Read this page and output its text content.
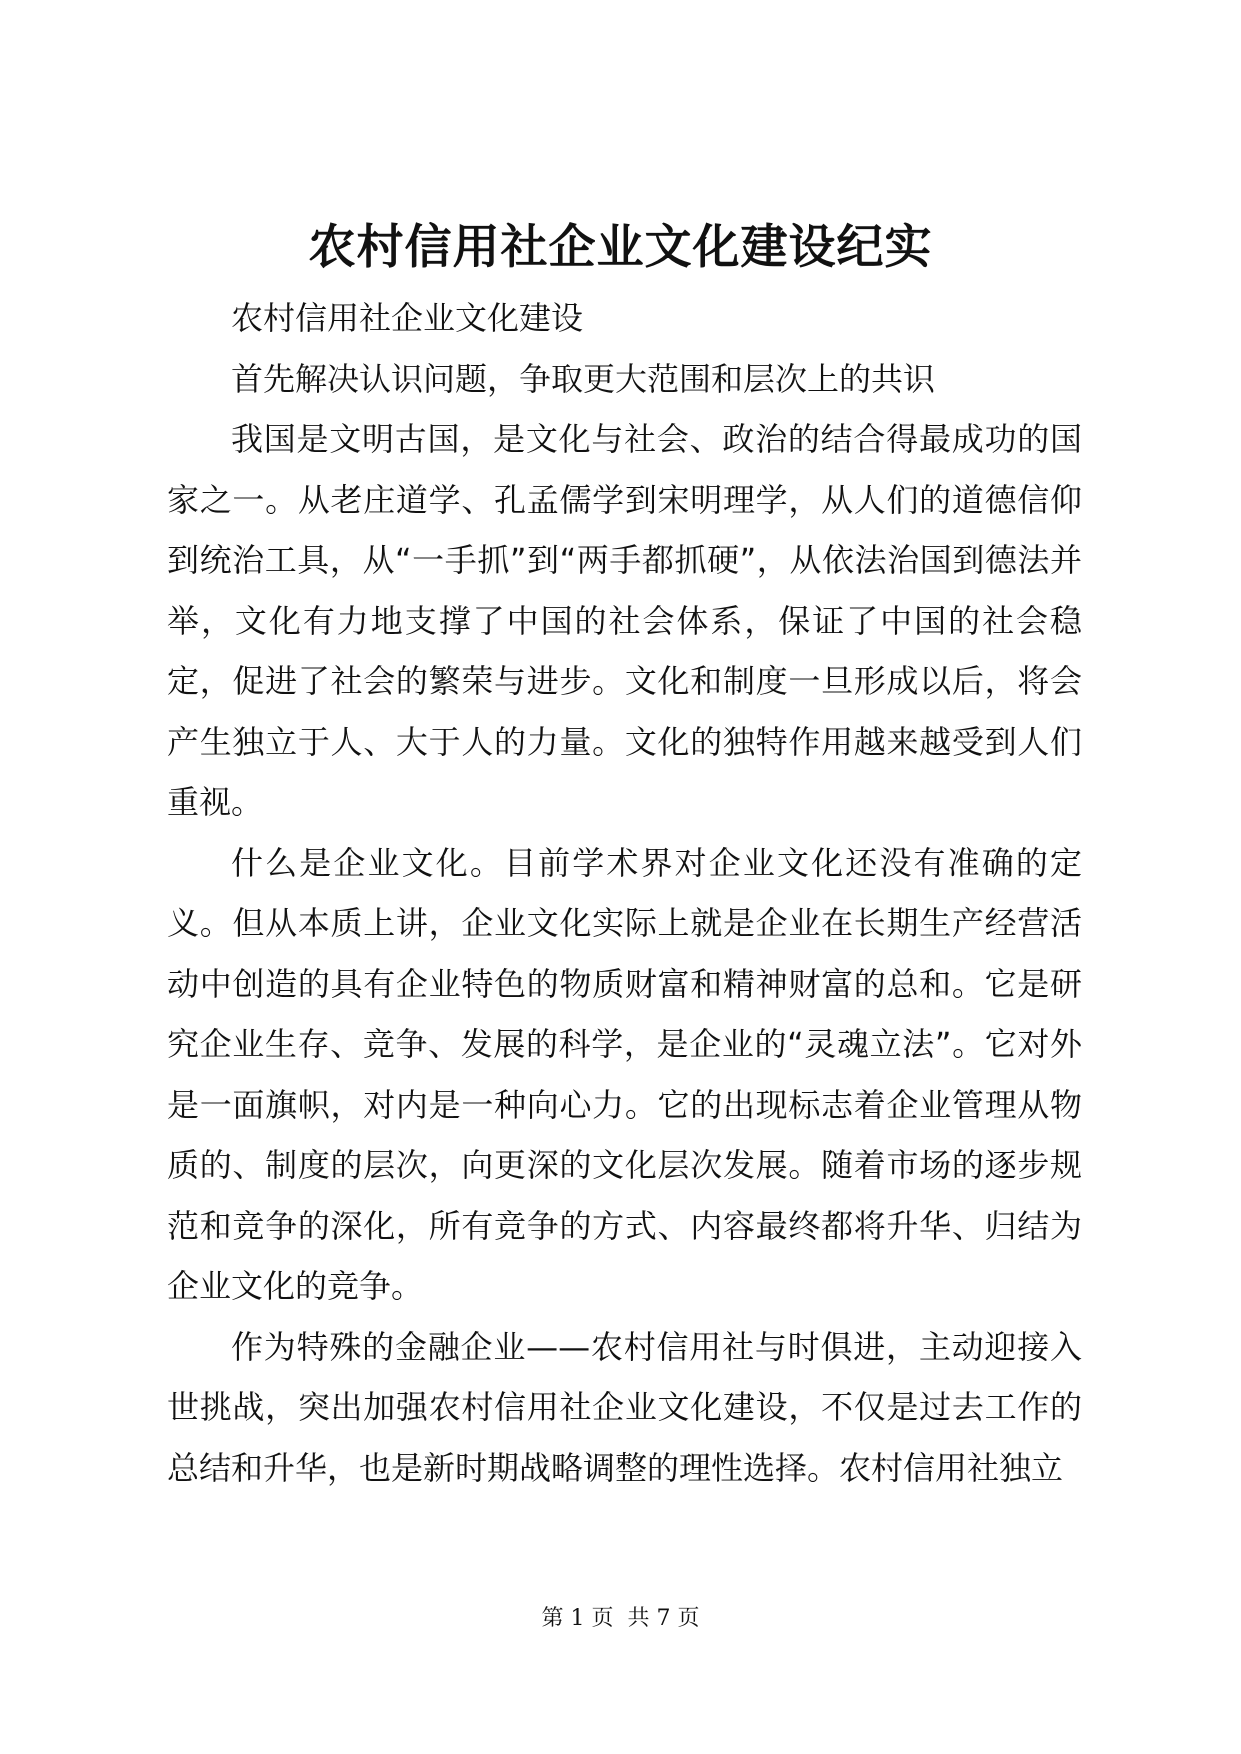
农村信用社企业文化建设纪实

农村信用社企业文化建设

首先解决认识问题，争取更大范围和层次上的共识

我国是文明古国，是文化与社会、政治的结合得最成功的国家之一。从老庄道学、孔孟儒学到宋明理学，从人们的道德信仰到统治工具，从“一手抓”到“两手都抓硬”，从依法治国到德法并举，文化有力地支撑了中国的社会体系，保证了中国的社会稳定，促进了社会的繁荣与进步。文化和制度一旦形成以后，将会产生独立于人、大于人的力量。文化的独特作用越来越受到人们重视。

什么是企业文化。目前学术界对企业文化还没有准确的定义。但从本质上讲，企业文化实际上就是企业在长期生产经营活动中创造的具有企业特色的物质财富和精神财富的总和。它是研究企业生存、竞争、发展的科学，是企业的“灵魂立法”。它对外是一面旗帜，对内是一种向心力。它的出现标志着企业管理从物质的、制度的层次，向更深的文化层次发展。随着市场的逐步规范和竞争的深化，所有竞争的方式、内容最终都将升华、归结为企业文化的竞争。

作为特殊的金融企业——农村信用社与时俱进，主动迎接入世挑战，突出加强农村信用社企业文化建设，不仅是过去工作的总结和升华，也是新时期战略调整的理性选择。农村信用社独立

第 1 页  共 7 页
